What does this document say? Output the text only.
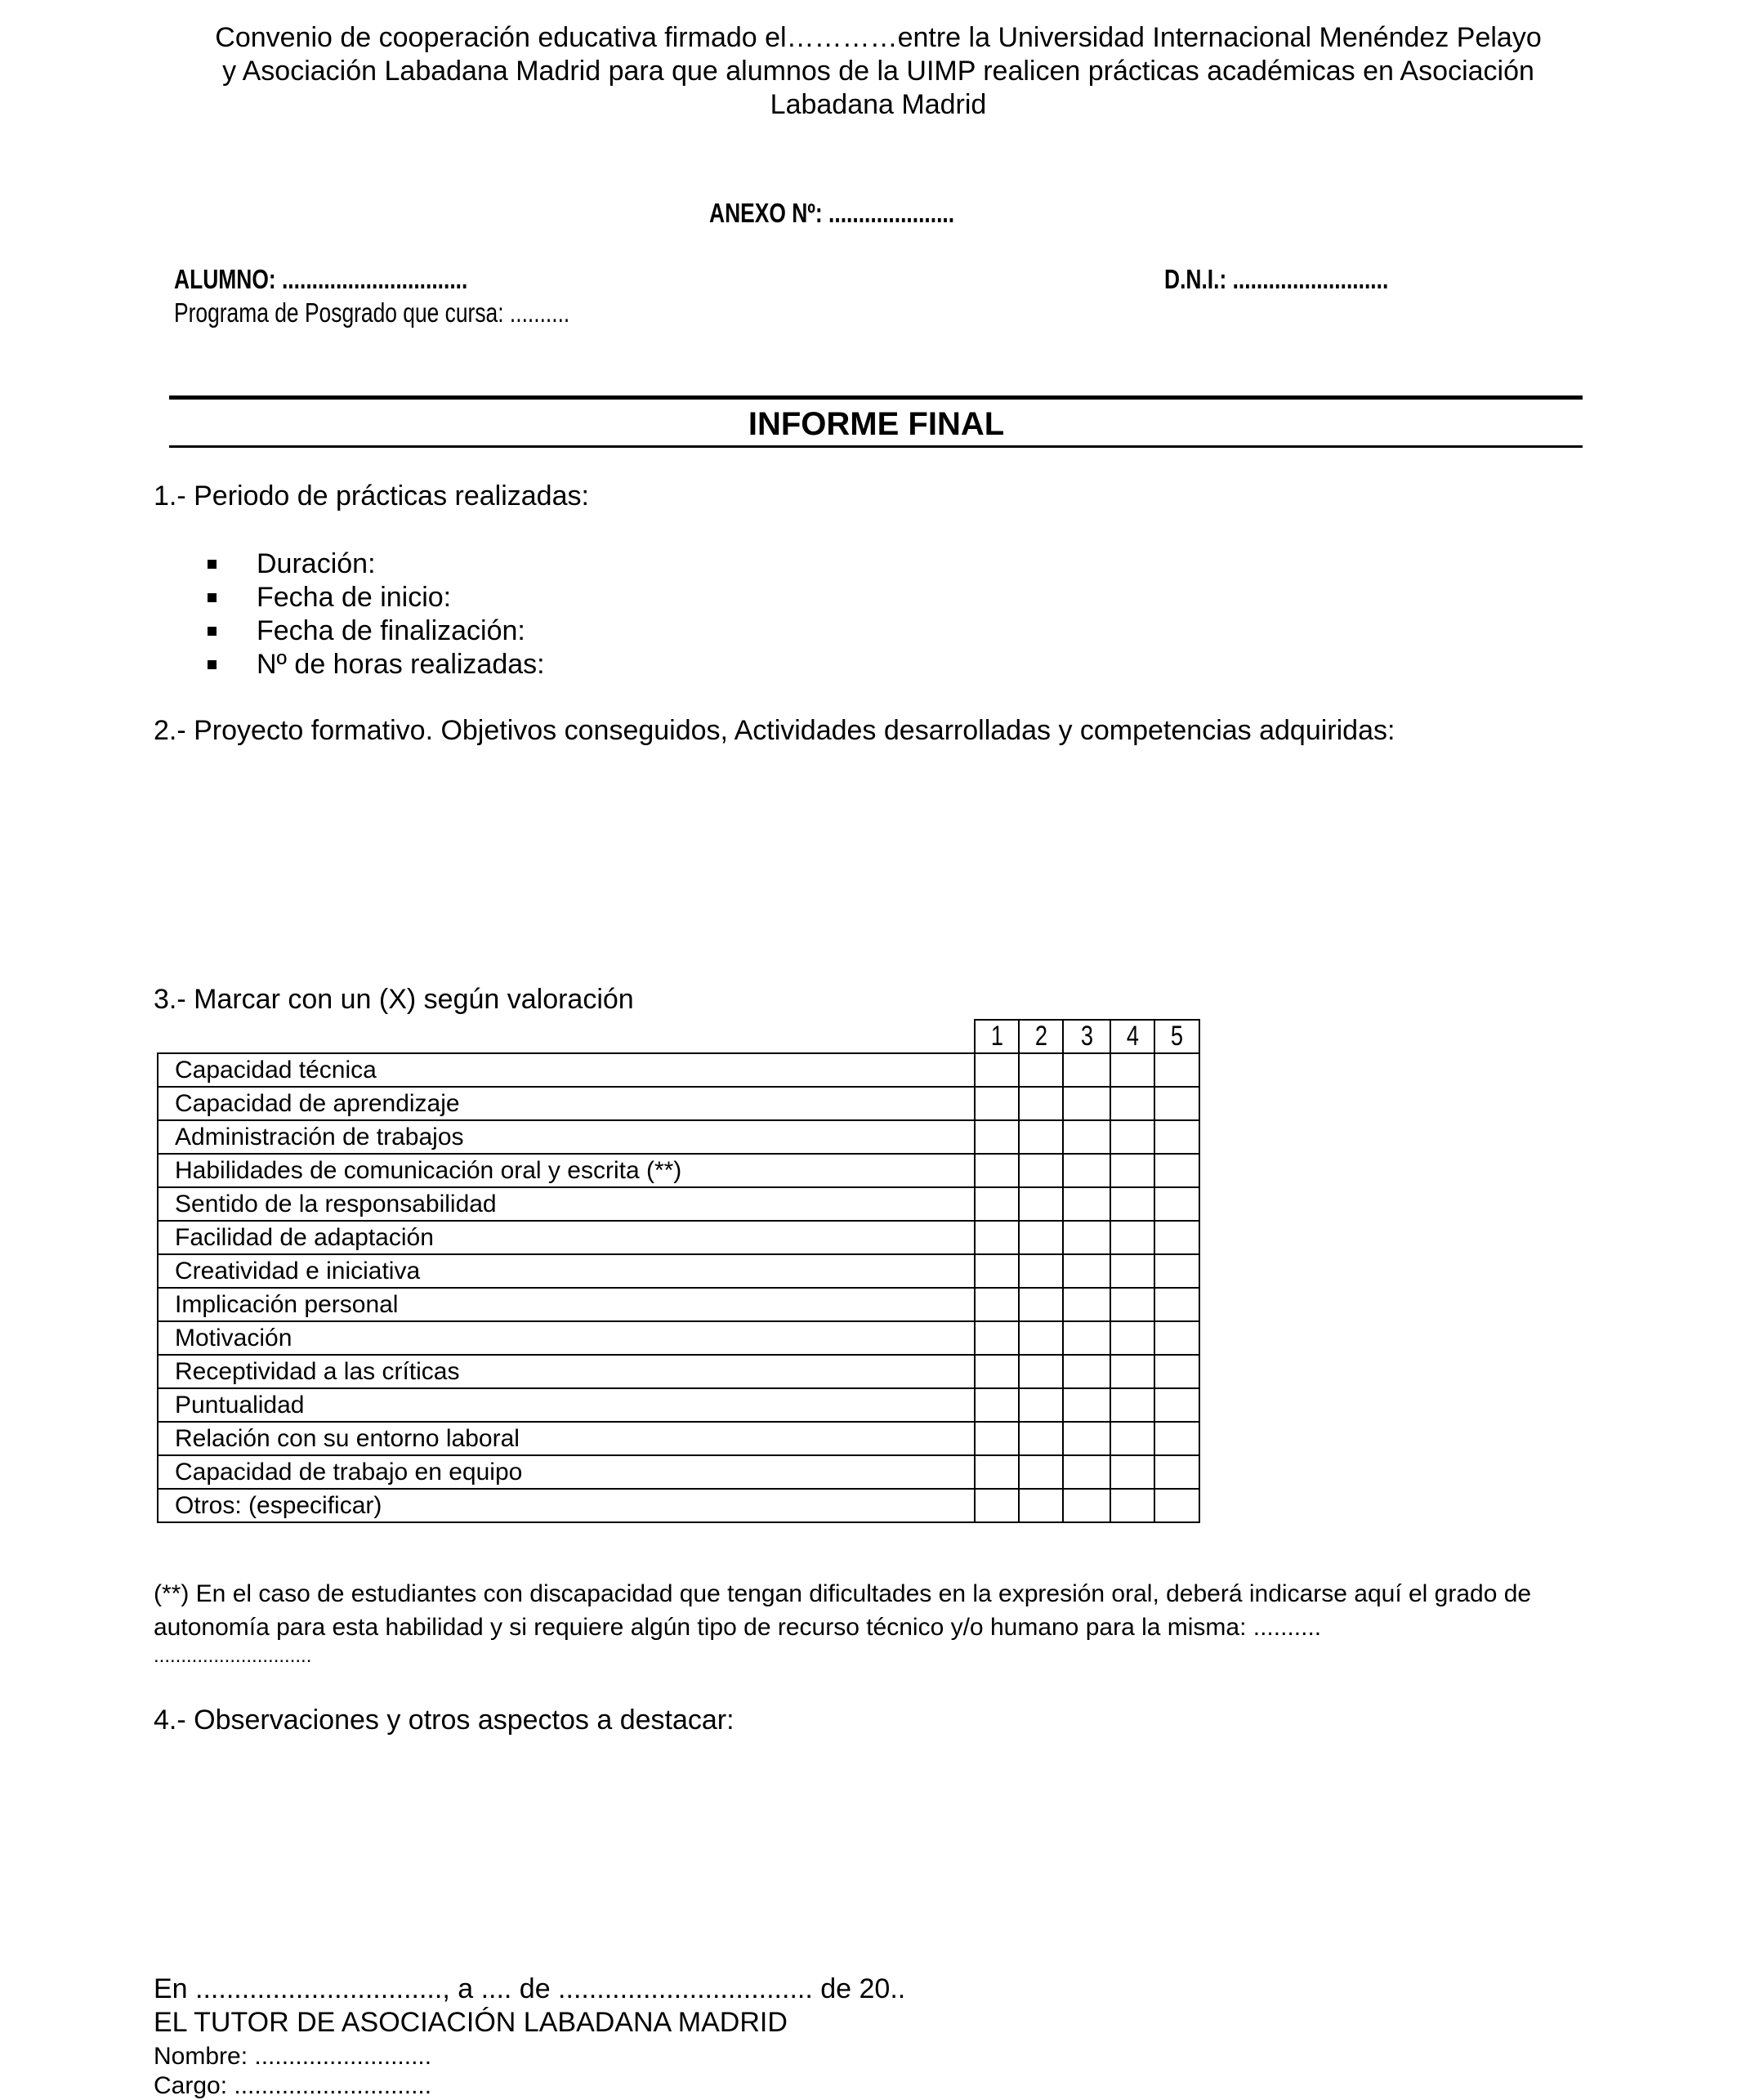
Convenio de cooperación educativa firmado el…………entre la Universidad Internacional Menéndez Pelayo
y Asociación Labadana Madrid para que alumnos de la UIMP realicen prácticas académicas en Asociación
Labadana Madrid
ANEXO Nº: .....................
ALUMNO: ...............................	D.N.I.: ..........................
Programa de Posgrado que cursa: ..........
INFORME FINAL
1.- Periodo de prácticas realizadas:
Duración:
Fecha de inicio:
Fecha de finalización:
Nº de horas realizadas:
2.- Proyecto formativo. Objetivos conseguidos, Actividades desarrolladas y competencias adquiridas:
3.- Marcar con un (X) según valoración
	1	2	3	4	5
Capacidad técnica					
Capacidad de aprendizaje					
Administración de trabajos					
Habilidades de comunicación oral y escrita (**)					
Sentido de la responsabilidad					
Facilidad de adaptación					
Creatividad e iniciativa					
Implicación personal					
Motivación					
Receptividad a las críticas					
Puntualidad					
Relación con su entorno laboral					
Capacidad de trabajo en equipo					
Otros: (especificar)					
(**) En el caso de estudiantes con discapacidad que tengan dificultades en la expresión oral, deberá indicarse aquí el grado de
autonomía para esta habilidad y si requiere algún tipo de recurso técnico y/o humano para la misma: ..........
.............................
4.- Observaciones y otros aspectos a destacar:
En ................................, a .... de ................................. de 20..
EL TUTOR DE ASOCIACIÓN LABADANA MADRID
Nombre: ..........................
Cargo: .............................
